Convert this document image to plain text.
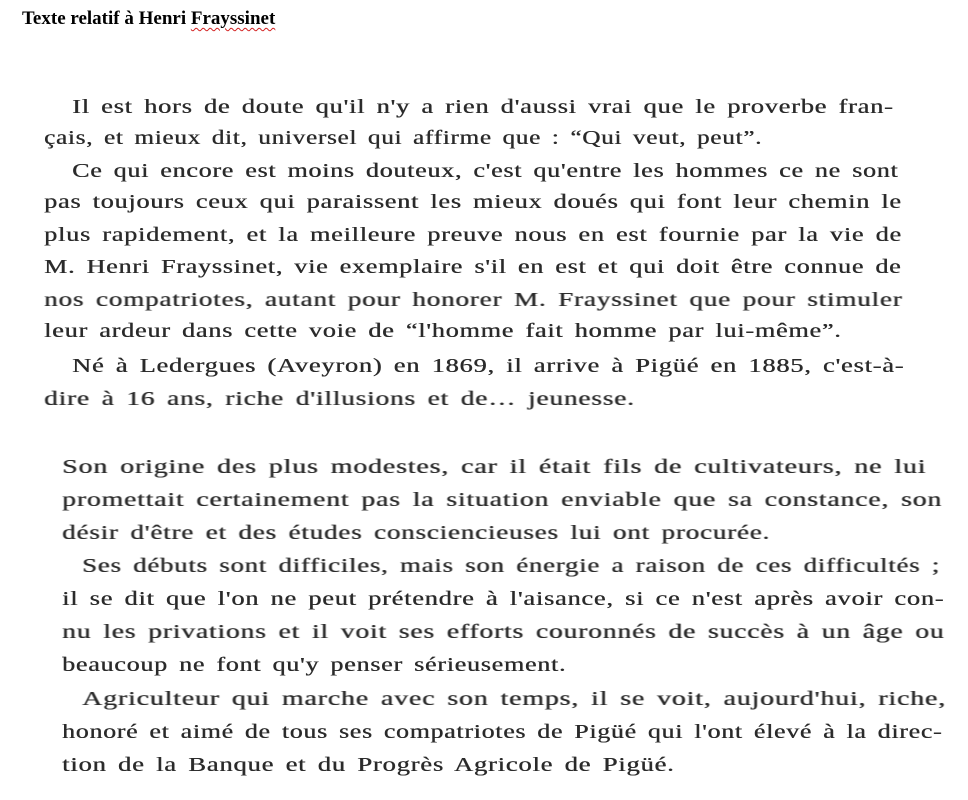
Texte relatif à Henri Frayssinet
Il est hors de doute qu'il n'y a rien d'aussi vrai que le proverbe fran-
çais, et mieux dit, universel qui affirme que : “Qui veut, peut”.
Ce qui encore est moins douteux, c'est qu'entre les hommes ce ne sont
pas toujours ceux qui paraissent les mieux doués qui font leur chemin le
plus rapidement, et la meilleure preuve nous en est fournie par la vie de
M. Henri Frayssinet, vie exemplaire s'il en est et qui doit être connue de
nos compatriotes, autant pour honorer M. Frayssinet que pour stimuler
leur ardeur dans cette voie de “l'homme fait homme par lui-même”.
Né à Ledergues (Aveyron) en 1869, il arrive à Pigüé en 1885, c'est-à-
dire à 16 ans, riche d'illusions et de… jeunesse.
Son origine des plus modestes, car il était fils de cultivateurs, ne lui
promettait certainement pas la situation enviable que sa constance, son
désir d'être et des études consciencieuses lui ont procurée.
Ses débuts sont difficiles, mais son énergie a raison de ces difficultés ;
il se dit que l'on ne peut prétendre à l'aisance, si ce n'est après avoir con-
nu les privations et il voit ses efforts couronnés de succès à un âge ou
beaucoup ne font qu'y penser sérieusement.
Agriculteur qui marche avec son temps, il se voit, aujourd'hui, riche,
honoré et aimé de tous ses compatriotes de Pigüé qui l'ont élevé à la direc-
tion de la Banque et du Progrès Agricole de Pigüé.
